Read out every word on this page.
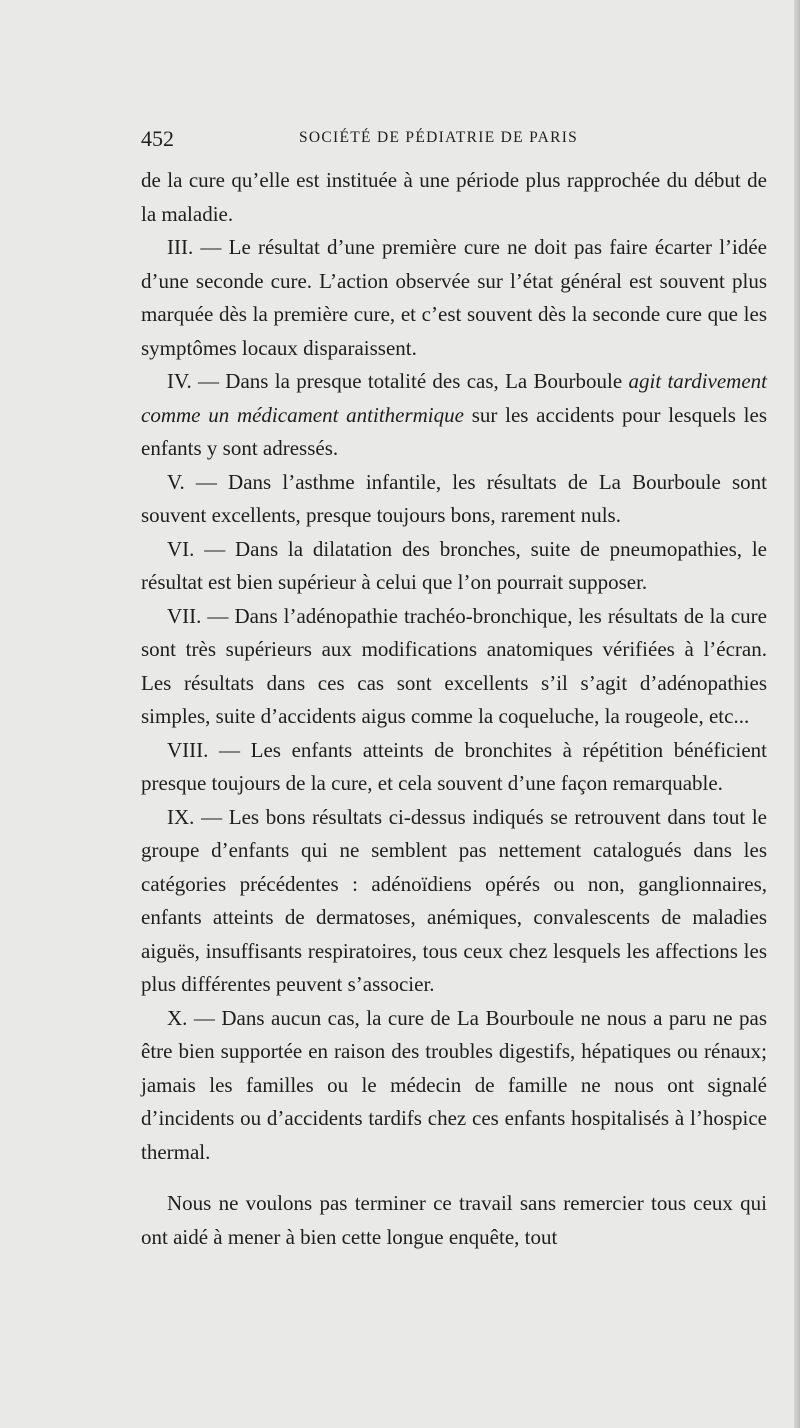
452	SOCIÉTÉ DE PÉDIATRIE DE PARIS

de la cure qu’elle est instituée à une période plus rapprochée du début de la maladie.

III. — Le résultat d’une première cure ne doit pas faire écarter l’idée d’une seconde cure. L’action observée sur l’état général est souvent plus marquée dès la première cure, et c’est souvent dès la seconde cure que les symptômes locaux disparaissent.

IV. — Dans la presque totalité des cas, La Bourboule agit tardivement comme un médicament antithermique sur les accidents pour lesquels les enfants y sont adressés.

V. — Dans l’asthme infantile, les résultats de La Bourboule sont souvent excellents, presque toujours bons, rarement nuls.

VI. — Dans la dilatation des bronches, suite de pneumopathies, le résultat est bien supérieur à celui que l’on pourrait supposer.

VII. — Dans l’adénopathie trachéo-bronchique, les résultats de la cure sont très supérieurs aux modifications anatomiques vérifiées à l’écran. Les résultats dans ces cas sont excellents s’il s’agit d’adénopathies simples, suite d’accidents aigus comme la coqueluche, la rougeole, etc...

VIII. — Les enfants atteints de bronchites à répétition bénéficient presque toujours de la cure, et cela souvent d’une façon remarquable.

IX. — Les bons résultats ci-dessus indiqués se retrouvent dans tout le groupe d’enfants qui ne semblent pas nettement catalogués dans les catégories précédentes : adénoïdiens opérés ou non, ganglionnaires, enfants atteints de dermatoses, anémiques, convalescents de maladies aiguës, insuffisants respiratoires, tous ceux chez lesquels les affections les plus différentes peuvent s’associer.

X. — Dans aucun cas, la cure de La Bourboule ne nous a paru ne pas être bien supportée en raison des troubles digestifs, hépatiques ou rénaux; jamais les familles ou le médecin de famille ne nous ont signalé d’incidents ou d’accidents tardifs chez ces enfants hospitalisés à l’hospice thermal.

Nous ne voulons pas terminer ce travail sans remercier tous ceux qui ont aidé à mener à bien cette longue enquête, tout
